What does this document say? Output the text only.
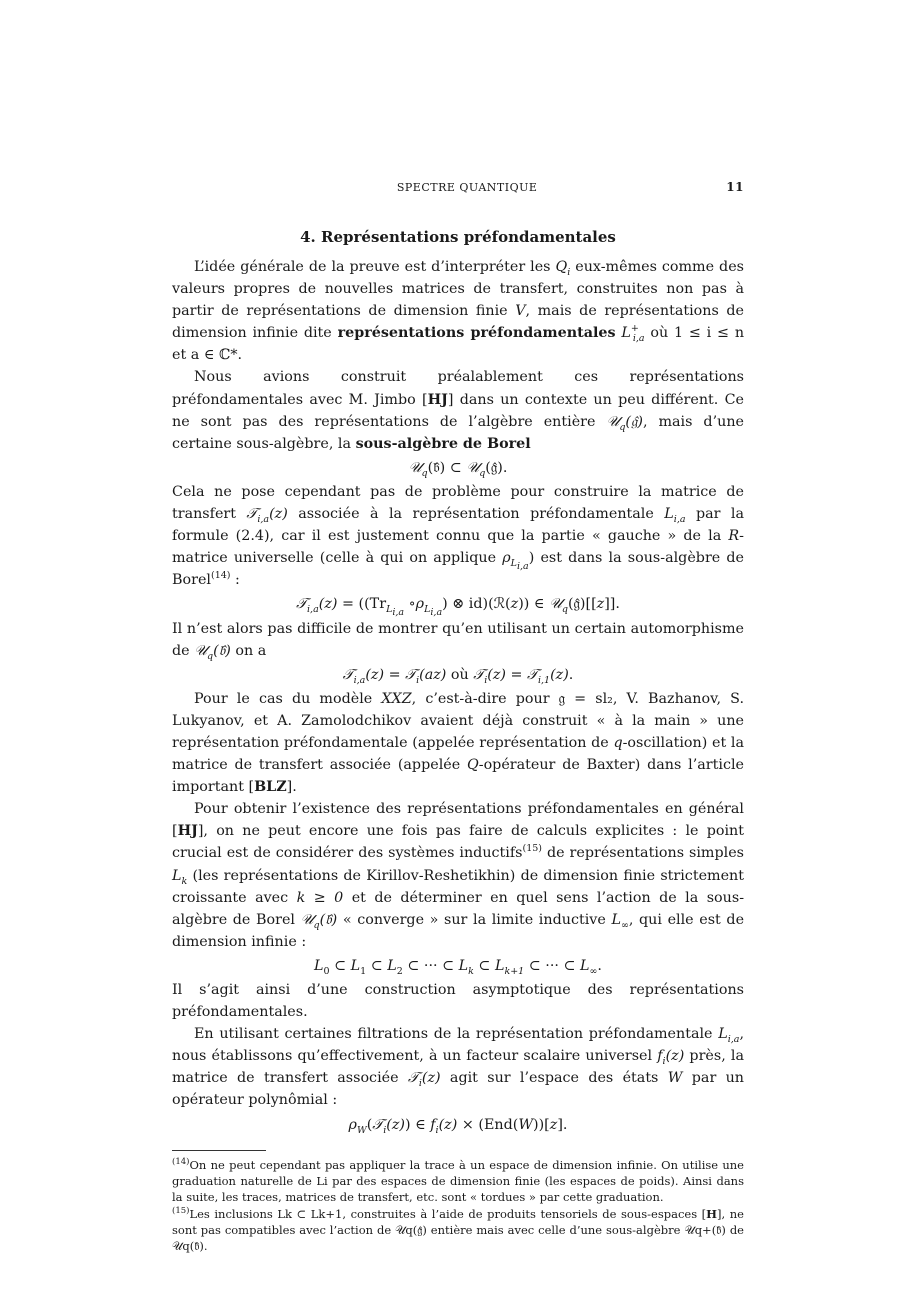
SPECTRE QUANTIQUE	11
4. Représentations préfondamentales

L’idée générale de la preuve est d’interpréter les $Q_i$ eux-mêmes comme des valeurs propres de nouvelles matrices de transfert, construites non pas à partir de représentations de dimension finie V, mais de représentations de dimension infinie dite représentations préfondamentales $L^+_{i,a}$ où 1 ≤ i ≤ n et a ∈ ℂ*.

Nous avions construit préalablement ces représentations préfondamentales avec M. Jimbo [HJ] dans un contexte un peu différent. Ce ne sont pas des représentations de l’algèbre entière 𝒰$_q$(𝔤̂), mais d’une certaine sous-algèbre, la sous-algèbre de Borel

𝒰$_q$(𝔟̂) ⊂ 𝒰$_q$(𝔤̂).

Cela ne pose cependant pas de problème pour construire la matrice de transfert 𝒯$_{i,a}$(z) associée à la représentation préfondamentale $L_{i,a}$ par la formule (2.4), car il est justement connu que la partie « gauche » de la R-matrice universelle (celle à qui on applique $\rho_{L_{i,a}}$) est dans la sous-algèbre de Borel$^{(14)}$ :

𝒯$_{i,a}$(z) = (($Tr_{L_{i,a}}$ $\circ\rho_{L_{i,a}}$) ⊗ id)(ℛ(z)) ∈ 𝒰$_q$(𝔤̂)[[z]].

Il n’est alors pas difficile de montrer qu’en utilisant un certain automorphisme de 𝒰$_q$(𝔟̂) on a

𝒯$_{i,a}$(z) = 𝒯$_i$(az) où 𝒯$_i$(z) = 𝒯$_{i,1}$(z).

Pour le cas du modèle XXZ, c’est-à-dire pour 𝔤 = sl₂, V. Bazhanov, S. Lukyanov, et A. Zamolodchikov avaient déjà construit « à la main » une représentation préfondamentale (appelée représentation de q-oscillation) et la matrice de transfert associée (appelée Q-opérateur de Baxter) dans l’article important [BLZ].

Pour obtenir l’existence des représentations préfondamentales en général [HJ], on ne peut encore une fois pas faire de calculs explicites : le point crucial est de considérer des systèmes inductifs$^{(15)}$ de représentations simples $L_k$ (les représentations de Kirillov-Reshetikhin) de dimension finie strictement croissante avec k ≥ 0 et de déterminer en quel sens l’action de la sous-algèbre de Borel 𝒰$_q$(𝔟̂) « converge » sur la limite inductive $L_\infty$, qui elle est de dimension infinie :

$L_0$ ⊂ $L_1$ ⊂ $L_2$ ⊂ ··· ⊂ $L_k$ ⊂ $L_{k+1}$ ⊂ ··· ⊂ $L_\infty$.

Il s’agit ainsi d’une construction asymptotique des représentations préfondamentales.

En utilisant certaines filtrations de la représentation préfondamentale $L_{i,a}$, nous établissons qu’effectivement, à un facteur scalaire universel $f_i(z)$ près, la matrice de transfert associée 𝒯$_i$(z) agit sur l’espace des états W par un opérateur polynômial :

$\rho_W(𝒯_i(z))$ ∈ $f_i(z) \times (End(W))[z]$.

$^{(14)}$On ne peut cependant pas appliquer la trace à un espace de dimension infinie. On utilise une graduation naturelle de Li par des espaces de dimension finie (les espaces de poids). Ainsi dans la suite, les traces, matrices de transfert, etc. sont « tordues » par cette graduation.

$^{(15)}$Les inclusions Lk ⊂ Lk+1, construites à l’aide de produits tensoriels de sous-espaces [H], ne sont pas compatibles avec l’action de 𝒰q(𝔤̂) entière mais avec celle d’une sous-algèbre 𝒰q+(𝔟̂) de 𝒰q(𝔟̂).
